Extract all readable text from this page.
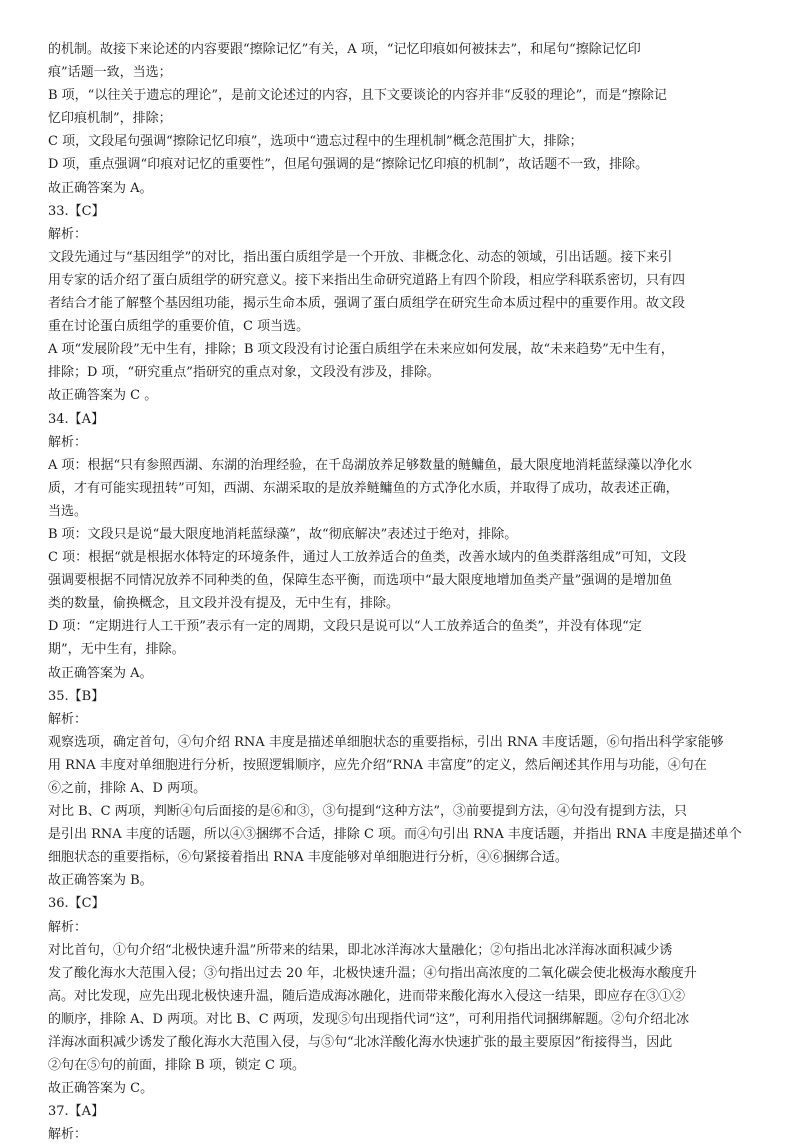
的机制。故接下来论述的内容要跟“擦除记忆”有关，A 项，“记忆印痕如何被抹去”，和尾句“擦除记忆印

痕”话题一致，当选；

B 项，“以往关于遗忘的理论”，是前文论述过的内容，且下文要谈论的内容并非“反驳的理论”，而是“擦除记

忆印痕机制”，排除；

C 项，文段尾句强调“擦除记忆印痕”，选项中“遗忘过程中的生理机制”概念范围扩大，排除；

D 项，重点强调“印痕对记忆的重要性”，但尾句强调的是“擦除记忆印痕的机制”，故话题不一致，排除。

故正确答案为 A。

33.【C】

解析：

文段先通过与“基因组学”的对比，指出蛋白质组学是一个开放、非概念化、动态的领域，引出话题。接下来引

用专家的话介绍了蛋白质组学的研究意义。接下来指出生命研究道路上有四个阶段，相应学科联系密切，只有四

者结合才能了解整个基因组功能，揭示生命本质，强调了蛋白质组学在研究生命本质过程中的重要作用。故文段

重在讨论蛋白质组学的重要价值，C 项当选。

A 项“发展阶段”无中生有，排除；B 项文段没有讨论蛋白质组学在未来应如何发展，故“未来趋势”无中生有，

排除；D 项，“研究重点”指研究的重点对象，文段没有涉及，排除。

故正确答案为 C 。

34.【A】

解析：

A 项：根据“只有参照西湖、东湖的治理经验，在千岛湖放养足够数量的鲢鳙鱼，最大限度地消耗蓝绿藻以净化水

质，才有可能实现扭转”可知，西湖、东湖采取的是放养鲢鳙鱼的方式净化水质，并取得了成功，故表述正确，

当选。

B 项：文段只是说“最大限度地消耗蓝绿藻”，故“彻底解决”表述过于绝对，排除。

C 项：根据“就是根据水体特定的环境条件，通过人工放养适合的鱼类，改善水域内的鱼类群落组成”可知，文段

强调要根据不同情况放养不同种类的鱼，保障生态平衡，而选项中“最大限度地增加鱼类产量”强调的是增加鱼

类的数量，偷换概念，且文段并没有提及，无中生有，排除。

D 项：“定期进行人工干预”表示有一定的周期，文段只是说可以“人工放养适合的鱼类”，并没有体现“定

期”，无中生有，排除。

故正确答案为 A。

35.【B】

解析：

观察选项，确定首句，④句介绍 RNA 丰度是描述单细胞状态的重要指标，引出 RNA 丰度话题，⑥句指出科学家能够

用 RNA 丰度对单细胞进行分析，按照逻辑顺序，应先介绍“RNA 丰富度”的定义，然后阐述其作用与功能，④句在

⑥之前，排除 A、D 两项。

对比 B、C 两项，判断④句后面接的是⑥和③，③句提到“这种方法”，③前要提到方法，④句没有提到方法，只

是引出 RNA 丰度的话题，所以④③捆绑不合适，排除 C 项。而④句引出 RNA 丰度话题，并指出 RNA 丰度是描述单个

细胞状态的重要指标，⑥句紧接着指出 RNA 丰度能够对单细胞进行分析，④⑥捆绑合适。

故正确答案为 B。

36.【C】

解析：

对比首句，①句介绍“北极快速升温”所带来的结果，即北冰洋海冰大量融化；②句指出北冰洋海冰面积减少诱

发了酸化海水大范围入侵；③句指出过去 20 年，北极快速升温；④句指出高浓度的二氧化碳会使北极海水酸度升

高。对比发现，应先出现北极快速升温，随后造成海冰融化，进而带来酸化海水入侵这一结果，即应存在③①②

的顺序，排除 A、D 两项。对比 B、C 两项，发现⑤句出现指代词“这”，可利用指代词捆绑解题。②句介绍北冰

洋海冰面积减少诱发了酸化海水大范围入侵，与⑤句“北冰洋酸化海水快速扩张的最主要原因”衔接得当，因此

②句在⑤句的前面，排除 B 项，锁定 C 项。

故正确答案为 C。

37.【A】

解析：
